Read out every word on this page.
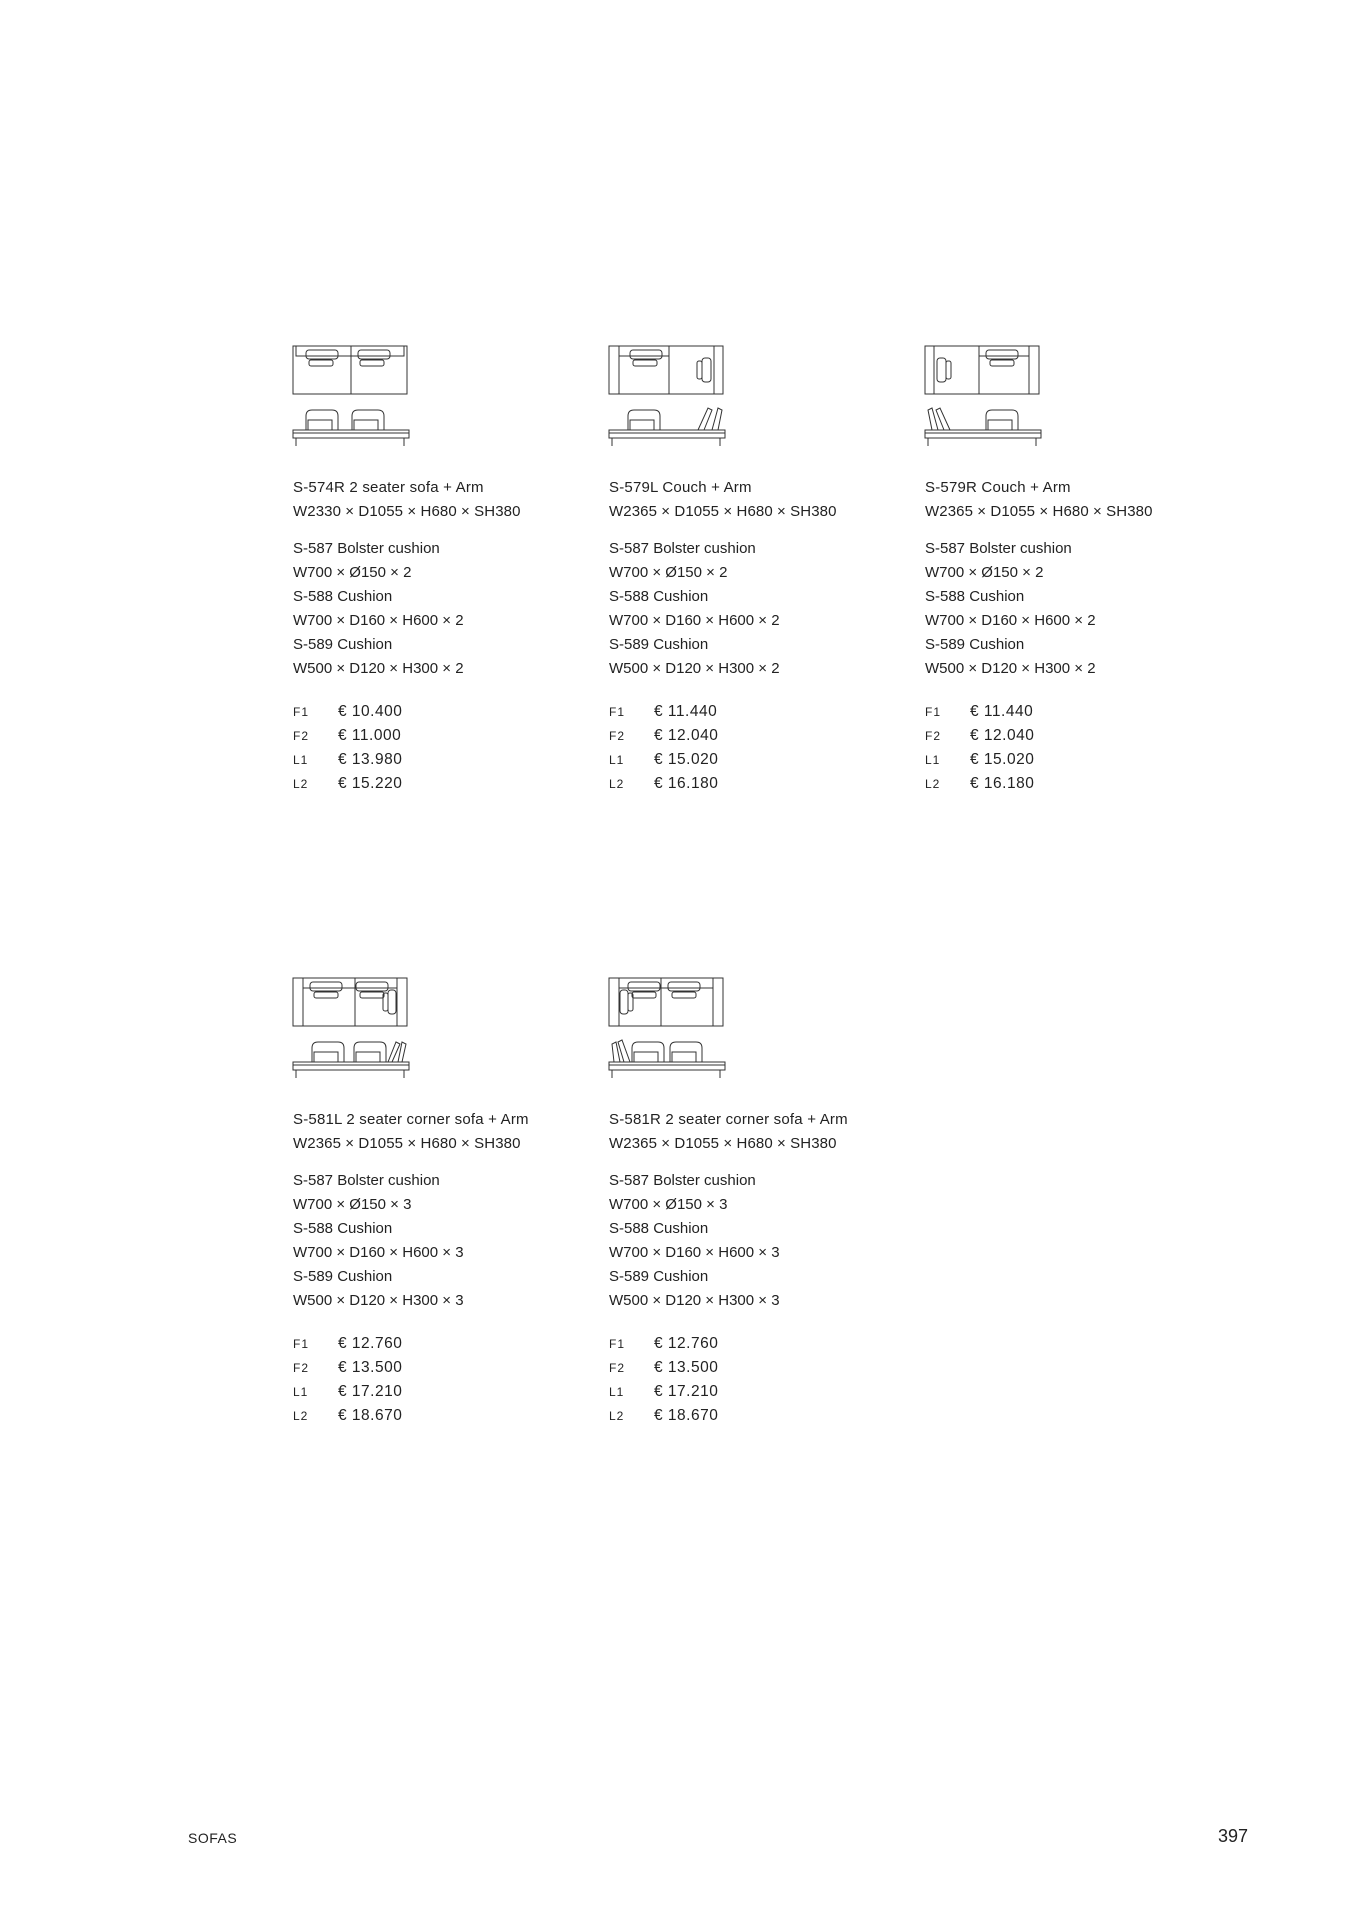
S-574R 2 seater sofa + Arm
W2330 × D1055 × H680 × SH380
S-587 Bolster cushion
W700 × Ø150 × 2
S-588 Cushion
W700 × D160 × H600 × 2
S-589 Cushion
W500 × D120 × H300 × 2
F1	€ 10.400
F2	€ 11.000
L1	€ 13.980
L2	€ 15.220
S-579L Couch + Arm
W2365 × D1055 × H680 × SH380
S-587 Bolster cushion
W700 × Ø150 × 2
S-588 Cushion
W700 × D160 × H600 × 2
S-589 Cushion
W500 × D120 × H300 × 2
F1	€ 11.440
F2	€ 12.040
L1	€ 15.020
L2	€ 16.180
S-579R Couch + Arm
W2365 × D1055 × H680 × SH380
S-587 Bolster cushion
W700 × Ø150 × 2
S-588 Cushion
W700 × D160 × H600 × 2
S-589 Cushion
W500 × D120 × H300 × 2
F1	€ 11.440
F2	€ 12.040
L1	€ 15.020
L2	€ 16.180
S-581L 2 seater corner sofa + Arm
W2365 × D1055 × H680 × SH380
S-587 Bolster cushion
W700 × Ø150 × 3
S-588 Cushion
W700 × D160 × H600 × 3
S-589 Cushion
W500 × D120 × H300 × 3
F1	€ 12.760
F2	€ 13.500
L1	€ 17.210
L2	€ 18.670
S-581R 2 seater corner sofa + Arm
W2365 × D1055 × H680 × SH380
S-587 Bolster cushion
W700 × Ø150 × 3
S-588 Cushion
W700 × D160 × H600 × 3
S-589 Cushion
W500 × D120 × H300 × 3
F1	€ 12.760
F2	€ 13.500
L1	€ 17.210
L2	€ 18.670
SOFAS	397
